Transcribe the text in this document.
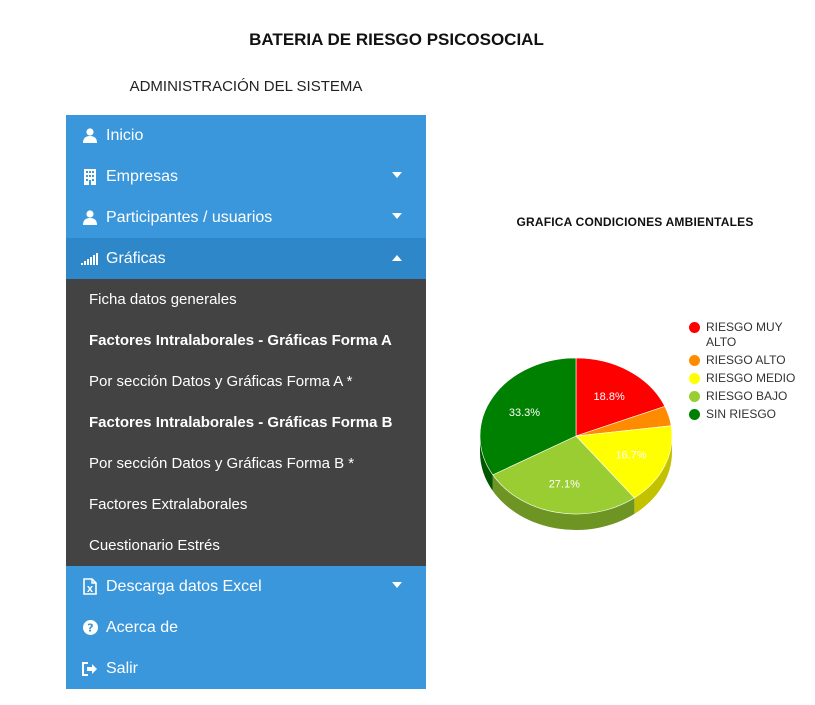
BATERIA DE RIESGO PSICOSOCIAL
ADMINISTRACIÓN DEL SISTEMA
Inicio
Empresas
Participantes / usuarios
Gráficas
Ficha datos generales
Factores Intralaborales - Gráficas Forma A
Por sección Datos y Gráficas Forma A *
Factores Intralaborales - Gráficas Forma B
Por sección Datos y Gráficas Forma B *
Factores Extralaborales
Cuestionario Estrés
X Descarga datos Excel
? Acerca de
Salir
GRAFICA CONDICIONES AMBIENTALES
18.8%
16.7%
27.1%
33.3%
RIESGO MUY ALTO
RIESGO ALTO
RIESGO MEDIO
RIESGO BAJO
SIN RIESGO
